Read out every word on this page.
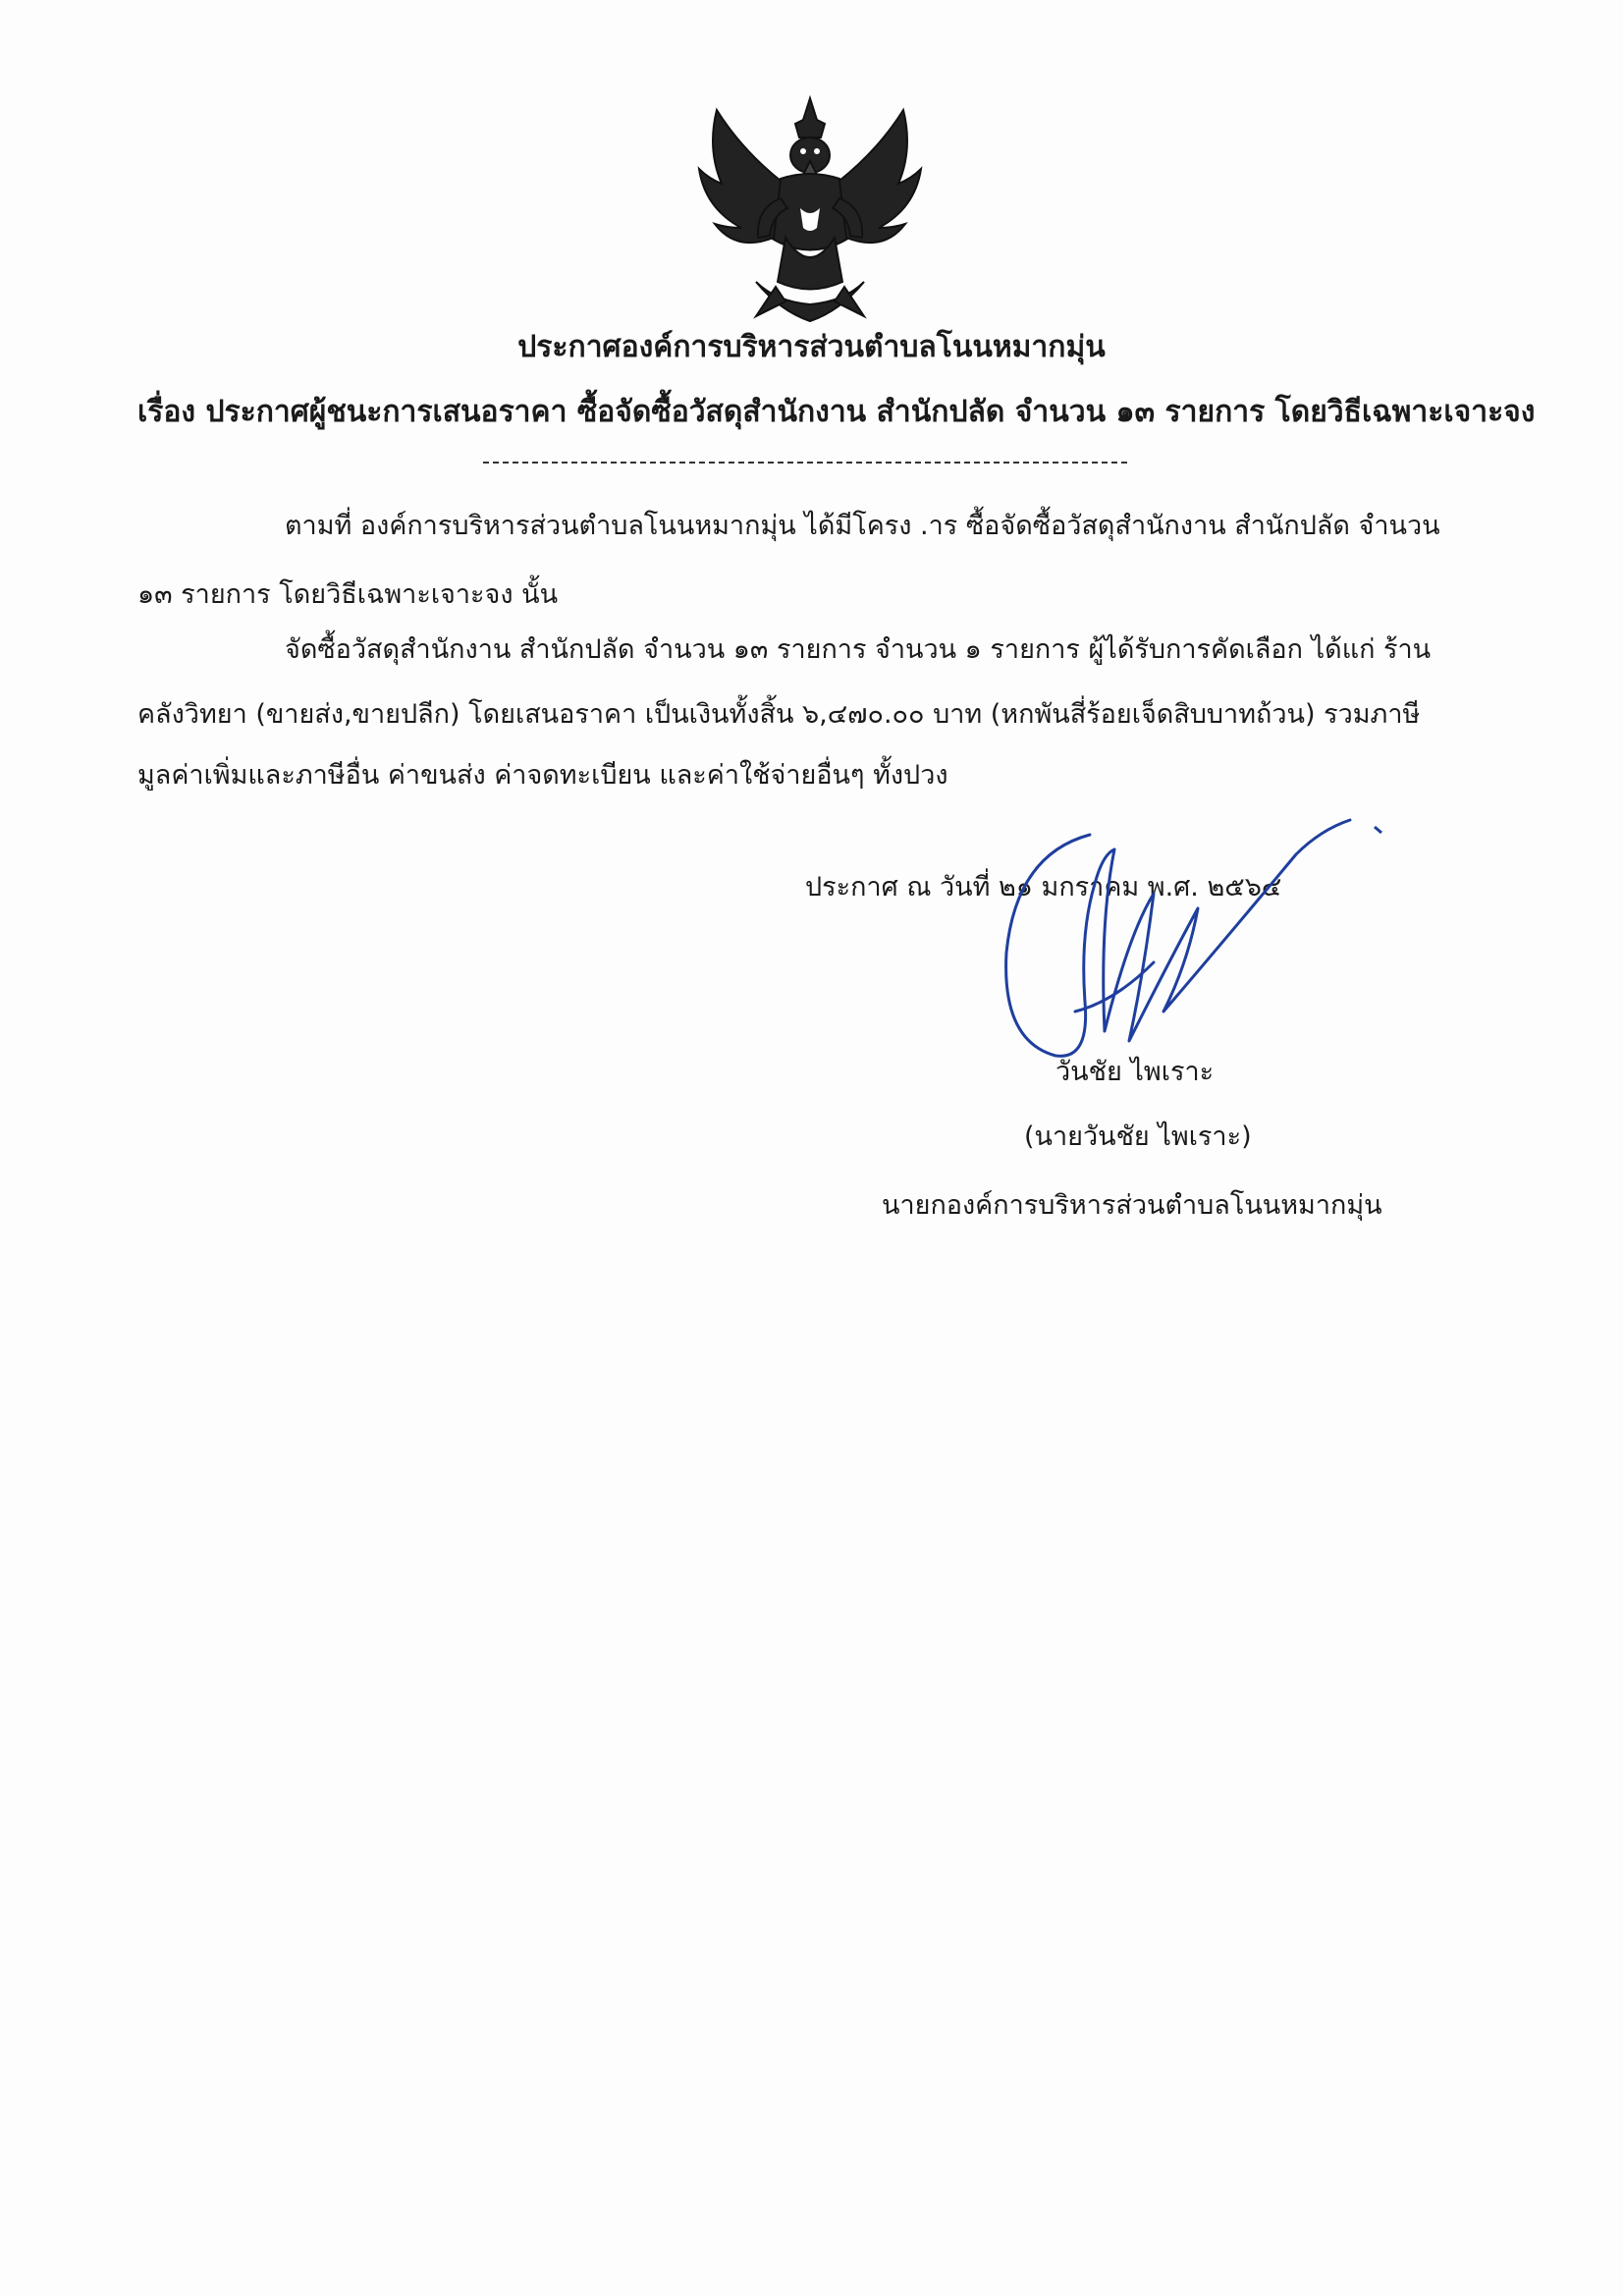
ประกาศองค์การบริหารส่วนตำบลโนนหมากมุ่น
เรื่อง ประกาศผู้ชนะการเสนอราคา ซื้อจัดซื้อวัสดุสำนักงาน สำนักปลัด จำนวน ๑๓ รายการ โดยวิธีเฉพาะเจาะจง
ตามที่ องค์การบริหารส่วนตำบลโนนหมากมุ่น ได้มีโครง .าร ซื้อจัดซื้อวัสดุสำนักงาน สำนักปลัด จำนวน
๑๓ รายการ โดยวิธีเฉพาะเจาะจง นั้น
จัดซื้อวัสดุสำนักงาน สำนักปลัด จำนวน ๑๓ รายการ จำนวน ๑ รายการ ผู้ได้รับการคัดเลือก ได้แก่ ร้าน
คลังวิทยา (ขายส่ง,ขายปลีก) โดยเสนอราคา เป็นเงินทั้งสิ้น ๖,๔๗๐.๐๐ บาท (หกพันสี่ร้อยเจ็ดสิบบาทถ้วน) รวมภาษี
มูลค่าเพิ่มและภาษีอื่น ค่าขนส่ง ค่าจดทะเบียน และค่าใช้จ่ายอื่นๆ ทั้งปวง
ประกาศ ณ วันที่ ๒๑ มกราคม พ.ศ. ๒๕๖๔
วันชัย ไพเราะ
(นายวันชัย ไพเราะ)
นายกองค์การบริหารส่วนตำบลโนนหมากมุ่น
